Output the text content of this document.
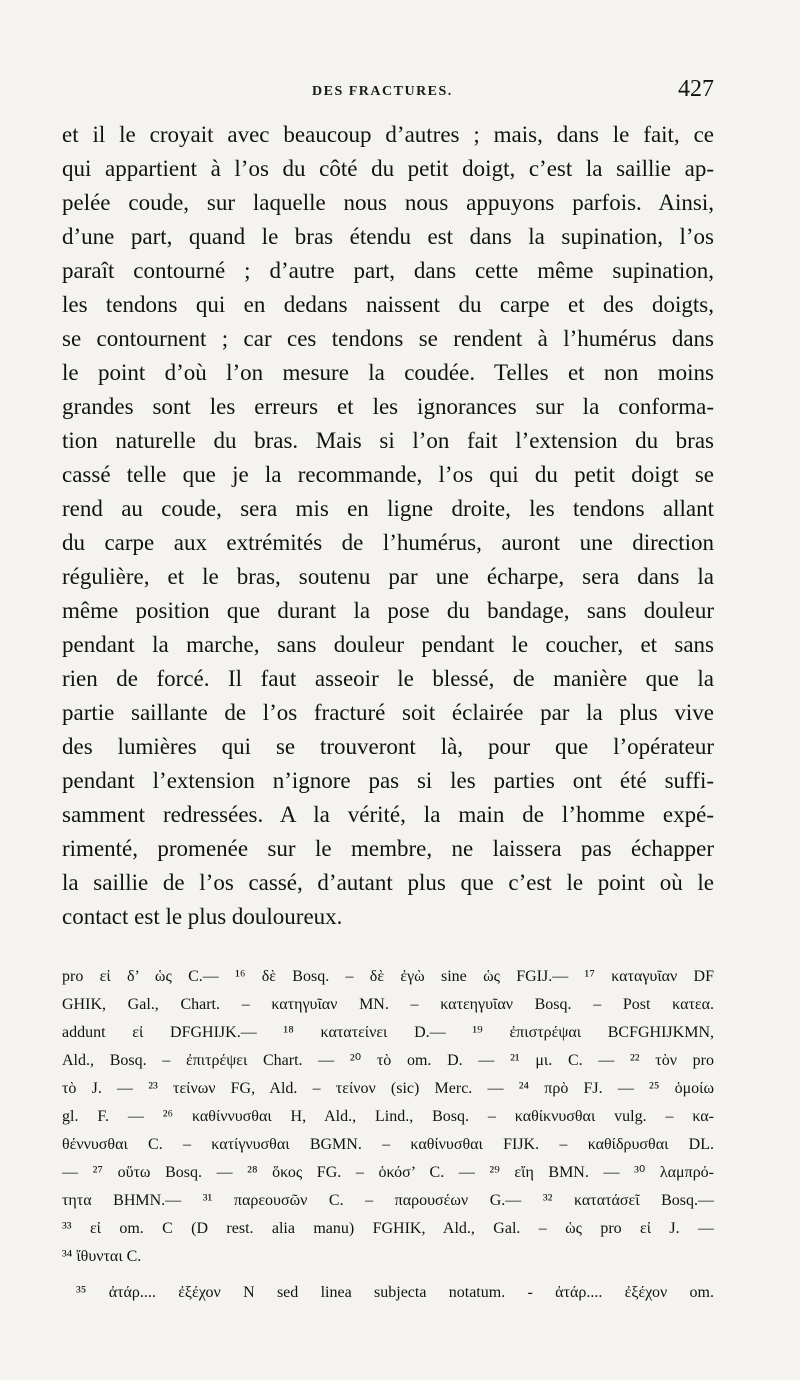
DES FRACTURES.	427
et il le croyait avec beaucoup d’autres ; mais, dans le fait, ce
qui appartient à l’os du côté du petit doigt, c’est la saillie ap-
pelée coude, sur laquelle nous nous appuyons parfois. Ainsi,
d’une part, quand le bras étendu est dans la supination, l’os
paraît contourné ; d’autre part, dans cette même supination,
les tendons qui en dedans naissent du carpe et des doigts,
se contournent ; car ces tendons se rendent à l’humérus dans
le point d’où l’on mesure la coudée. Telles et non moins
grandes sont les erreurs et les ignorances sur la conforma-
tion naturelle du bras. Mais si l’on fait l’extension du bras
cassé telle que je la recommande, l’os qui du petit doigt se
rend au coude, sera mis en ligne droite, les tendons allant
du carpe aux extrémités de l’humérus, auront une direction
régulière, et le bras, soutenu par une écharpe, sera dans la
même position que durant la pose du bandage, sans douleur
pendant la marche, sans douleur pendant le coucher, et sans
rien de forcé. Il faut asseoir le blessé, de manière que la
partie saillante de l’os fracturé soit éclairée par la plus vive
des lumières qui se trouveront là, pour que l’opérateur
pendant l’extension n’ignore pas si les parties ont été suffi-
samment redressées. A la vérité, la main de l’homme expé-
rimenté, promenée sur le membre, ne laissera pas échapper
la saillie de l’os cassé, d’autant plus que c’est le point où le
contact est le plus douloureux.
pro εἰ δ’ ὡς C.— ¹⁶ δὲ Bosq. – δὲ ἐγὼ sine ὡς FGIJ.— ¹⁷ καταγυῖαν DF
GHIK, Gal., Chart. – κατηγυῖαν MN. – κατεηγυῖαν Bosq. – Post κατεα.
addunt εἰ DFGHIJK.— ¹⁸ κατατείνει D.— ¹⁹ ἐπιστρέψαι BCFGHIJKMN,
Ald., Bosq. – ἐπιτρέψει Chart. — ²⁰ τὸ om. D. — ²¹ μι. C. — ²² τὸν pro
τὸ J. — ²³ τείνων FG, Ald. – τείνον (sic) Merc. — ²⁴ πρὸ FJ. — ²⁵ ὁμοίω
gl. F. — ²⁶ καθίννυσθαι H, Ald., Lind., Bosq. – καθίκνυσθαι vulg. – κα-
θέννυσθαι C. – κατίγνυσθαι BGMN. – καθίνυσθαι FIJK. – καθίδρυσθαι DL.
— ²⁷ οὕτω Bosq. — ²⁸ ὅκος FG. – ὁκόσ’ C. — ²⁹ εἴη BMN. — ³⁰ λαμπρό-
τητα BHMN.— ³¹ παρεουσῶν C. – παρουσέων G.— ³² κατατάσεῖ Bosq.—
³³ εἰ om. C (D rest. alia manu) FGHIK, Ald., Gal. – ὡς pro εἰ J. —
³⁴ ἴθυνται C.
³⁵ ἀτάρ.... ἐξέχον N sed linea subjecta notatum. - ἀτάρ.... ἐξέχον om.
